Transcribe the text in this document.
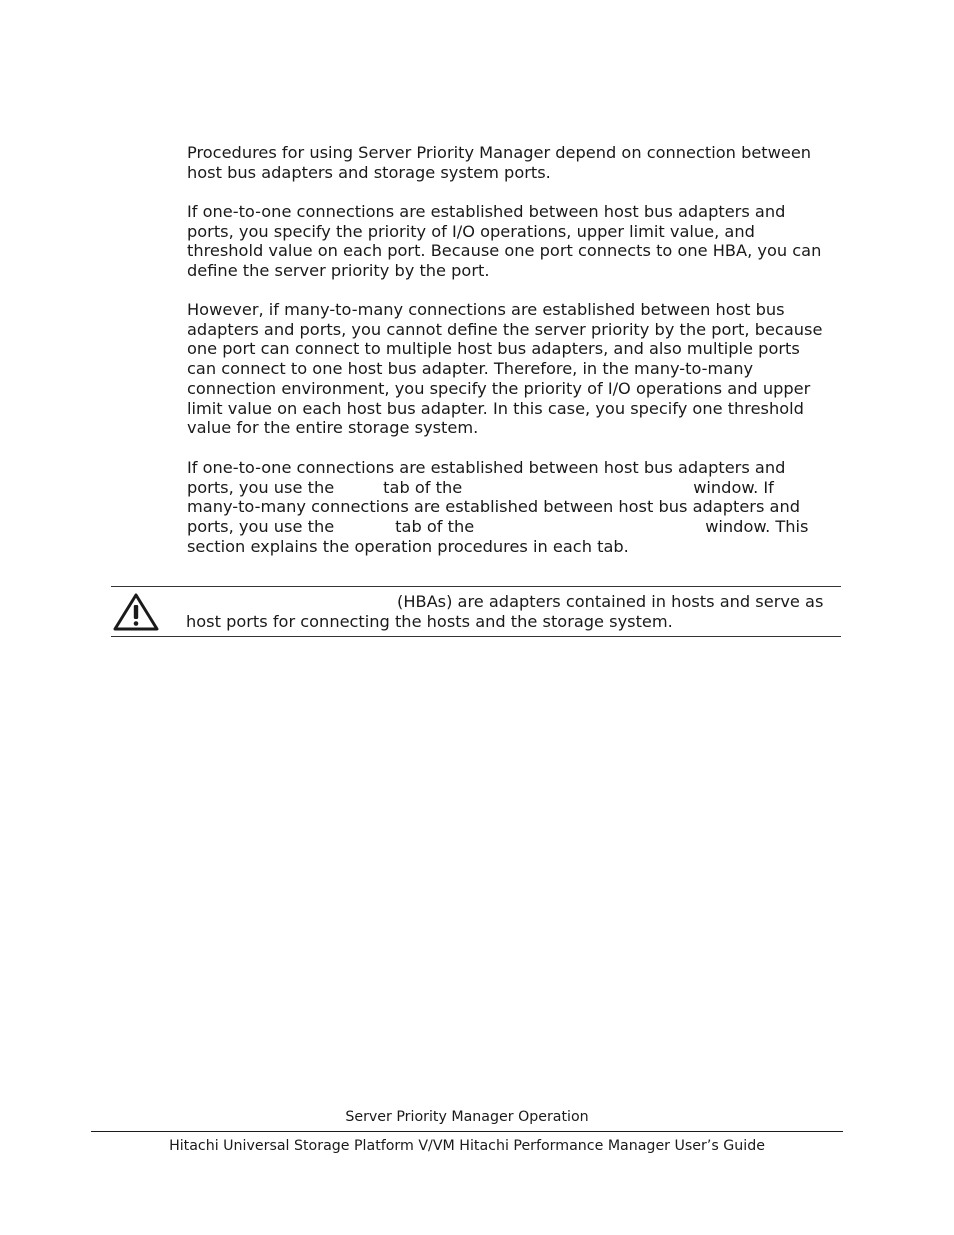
Procedures for using Server Priority Manager depend on connection between
host bus adapters and storage system ports.
If one-to-one connections are established between host bus adapters and
ports, you specify the priority of I/O operations, upper limit value, and
threshold value on each port. Because one port connects to one HBA, you can
define the server priority by the port.
However, if many-to-many connections are established between host bus
adapters and ports, you cannot define the server priority by the port, because
one port can connect to multiple host bus adapters, and also multiple ports
can connect to one host bus adapter. Therefore, in the many-to-many
connection environment, you specify the priority of I/O operations and upper
limit value on each host bus adapter. In this case, you specify one threshold
value for the entire storage system.
If one-to-one connections are established between host bus adapters and
ports, you use the	tab of the	window. If
many-to-many connections are established between host bus adapters and
ports, you use the	tab of the	window. This
section explains the operation procedures in each tab.
(HBAs) are adapters contained in hosts and serve as
host ports for connecting the hosts and the storage system.
Server Priority Manager Operation
Hitachi Universal Storage Platform V/VM Hitachi Performance Manager User’s Guide
